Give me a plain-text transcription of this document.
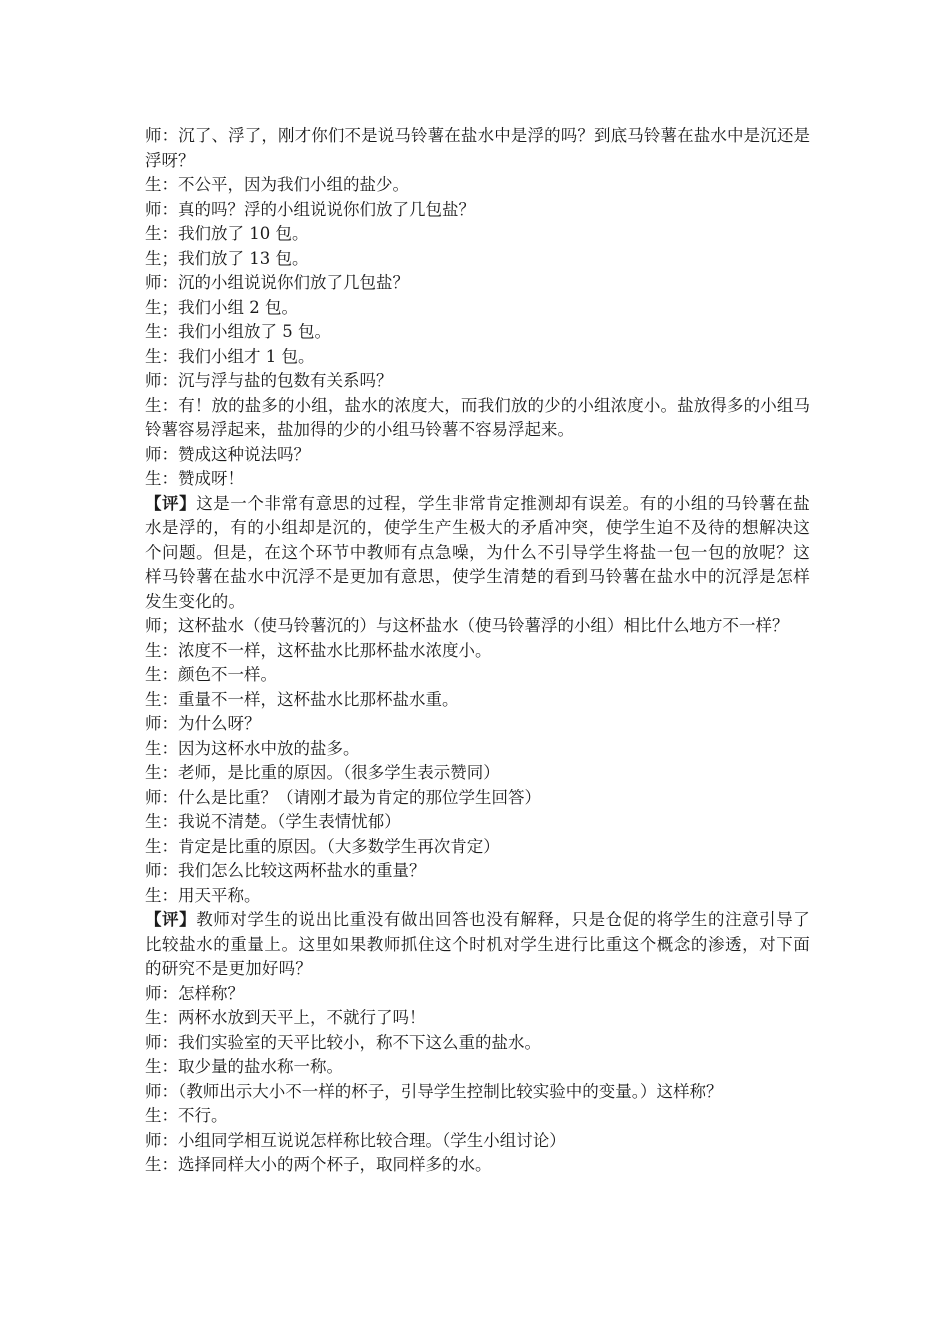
师：沉了、浮了，刚才你们不是说马铃薯在盐水中是浮的吗？到底马铃薯在盐水中是沉还是浮呀？

生：不公平，因为我们小组的盐少。

师：真的吗？浮的小组说说你们放了几包盐？

生：我们放了 10 包。

生；我们放了 13 包。

师：沉的小组说说你们放了几包盐？

生；我们小组 2 包。

生：我们小组放了 5 包。

生：我们小组才 1 包。

师：沉与浮与盐的包数有关系吗？

生：有！放的盐多的小组，盐水的浓度大，而我们放的少的小组浓度小。盐放得多的小组马铃薯容易浮起来，盐加得的少的小组马铃薯不容易浮起来。

师：赞成这种说法吗？

生：赞成呀！

【评】这是一个非常有意思的过程，学生非常肯定推测却有误差。有的小组的马铃薯在盐水是浮的，有的小组却是沉的，使学生产生极大的矛盾冲突，使学生迫不及待的想解决这个问题。但是，在这个环节中教师有点急噪，为什么不引导学生将盐一包一包的放呢？这样马铃薯在盐水中沉浮不是更加有意思，使学生清楚的看到马铃薯在盐水中的沉浮是怎样发生变化的。

师；这杯盐水（使马铃薯沉的）与这杯盐水（使马铃薯浮的小组）相比什么地方不一样？

生：浓度不一样，这杯盐水比那杯盐水浓度小。

生：颜色不一样。

生：重量不一样，这杯盐水比那杯盐水重。

师：为什么呀？

生：因为这杯水中放的盐多。

生：老师，是比重的原因。（很多学生表示赞同）

师：什么是比重？（请刚才最为肯定的那位学生回答）

生：我说不清楚。（学生表情忧郁）

生：肯定是比重的原因。（大多数学生再次肯定）

师：我们怎么比较这两杯盐水的重量？

生：用天平称。

【评】教师对学生的说出比重没有做出回答也没有解释，只是仓促的将学生的注意引导了比较盐水的重量上。这里如果教师抓住这个时机对学生进行比重这个概念的渗透，对下面的研究不是更加好吗？

师：怎样称？

生：两杯水放到天平上，不就行了吗！

师：我们实验室的天平比较小，称不下这么重的盐水。

生：取少量的盐水称一称。

师：（教师出示大小不一样的杯子，引导学生控制比较实验中的变量。）这样称？

生：不行。

师：小组同学相互说说怎样称比较合理。（学生小组讨论）

生：选择同样大小的两个杯子，取同样多的水。
